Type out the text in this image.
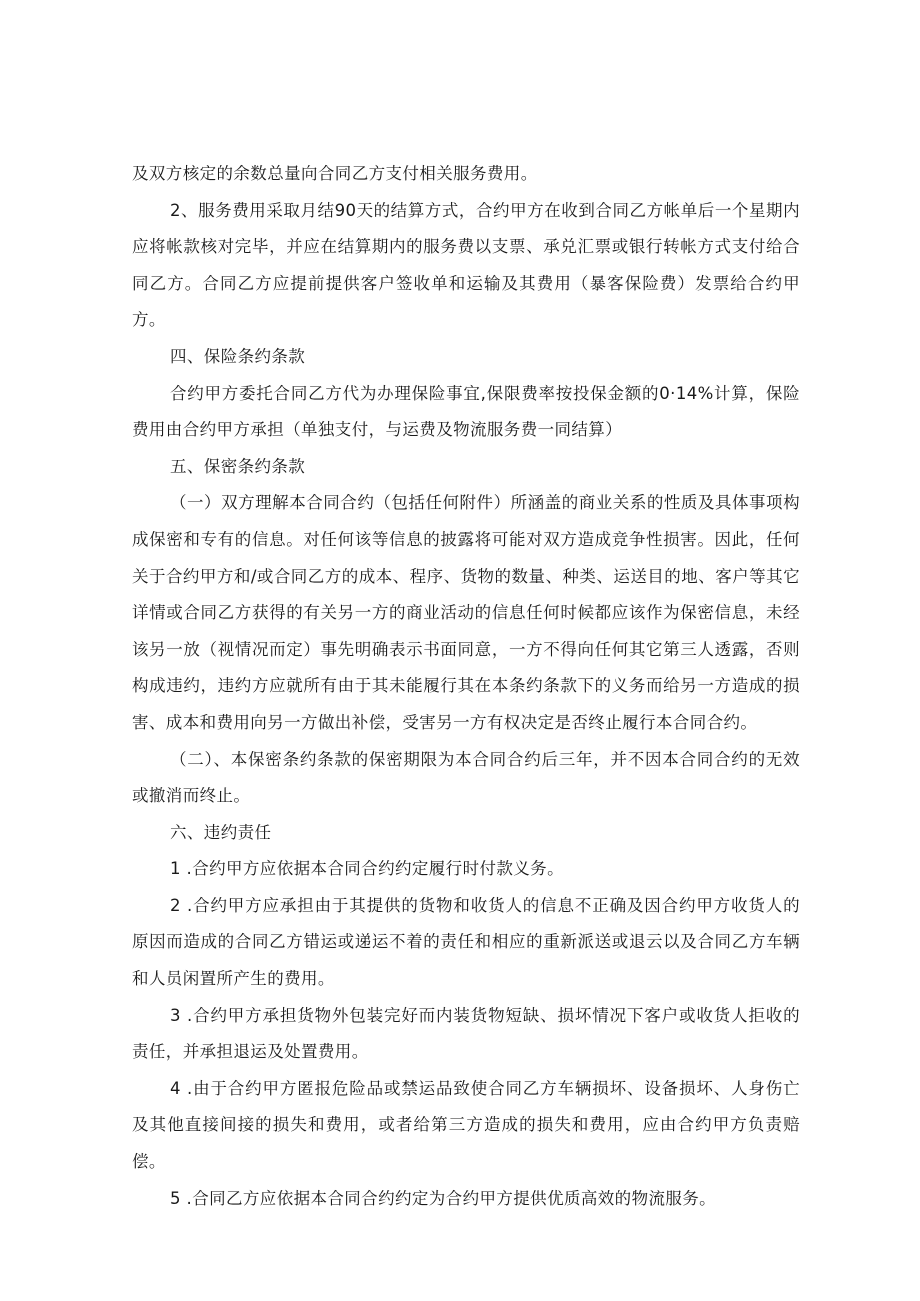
及双方核定的余数总量向合同乙方支付相关服务费用。

2、服务费用采取月结90天的结算方式，合约甲方在收到合同乙方帐单后一个星期内应将帐款核对完毕，并应在结算期内的服务费以支票、承兑汇票或银行转帐方式支付给合同乙方。合同乙方应提前提供客户签收单和运输及其费用（暴客保险费）发票给合约甲方。

四、保险条约条款

合约甲方委托合同乙方代为办理保险事宜,保限费率按投保金额的0·14%计算，保险费用由合约甲方承担（单独支付，与运费及物流服务费一同结算）

五、保密条约条款

（一）双方理解本合同合约（包括任何附件）所涵盖的商业关系的性质及具体事项构成保密和专有的信息。对任何该等信息的披露将可能对双方造成竞争性损害。因此，任何关于合约甲方和/或合同乙方的成本、程序、货物的数量、种类、运送目的地、客户等其它详情或合同乙方获得的有关另一方的商业活动的信息任何时候都应该作为保密信息，未经该另一放（视情况而定）事先明确表示书面同意，一方不得向任何其它第三人透露，否则构成违约，违约方应就所有由于其未能履行其在本条约条款下的义务而给另一方造成的损害、成本和费用向另一方做出补偿，受害另一方有权决定是否终止履行本合同合约。

（二）、本保密条约条款的保密期限为本合同合约后三年，并不因本合同合约的无效或撤消而终止。

六、违约责任

1 .合约甲方应依据本合同合约约定履行时付款义务。

2 .合约甲方应承担由于其提供的货物和收货人的信息不正确及因合约甲方收货人的原因而造成的合同乙方错运或递运不着的责任和相应的重新派送或退云以及合同乙方车辆和人员闲置所产生的费用。

3 .合约甲方承担货物外包装完好而内装货物短缺、损坏情况下客户或收货人拒收的责任，并承担退运及处置费用。

4 .由于合约甲方匿报危险品或禁运品致使合同乙方车辆损坏、设备损坏、人身伤亡及其他直接间接的损失和费用，或者给第三方造成的损失和费用，应由合约甲方负责赔偿。

5 .合同乙方应依据本合同合约约定为合约甲方提供优质高效的物流服务。
